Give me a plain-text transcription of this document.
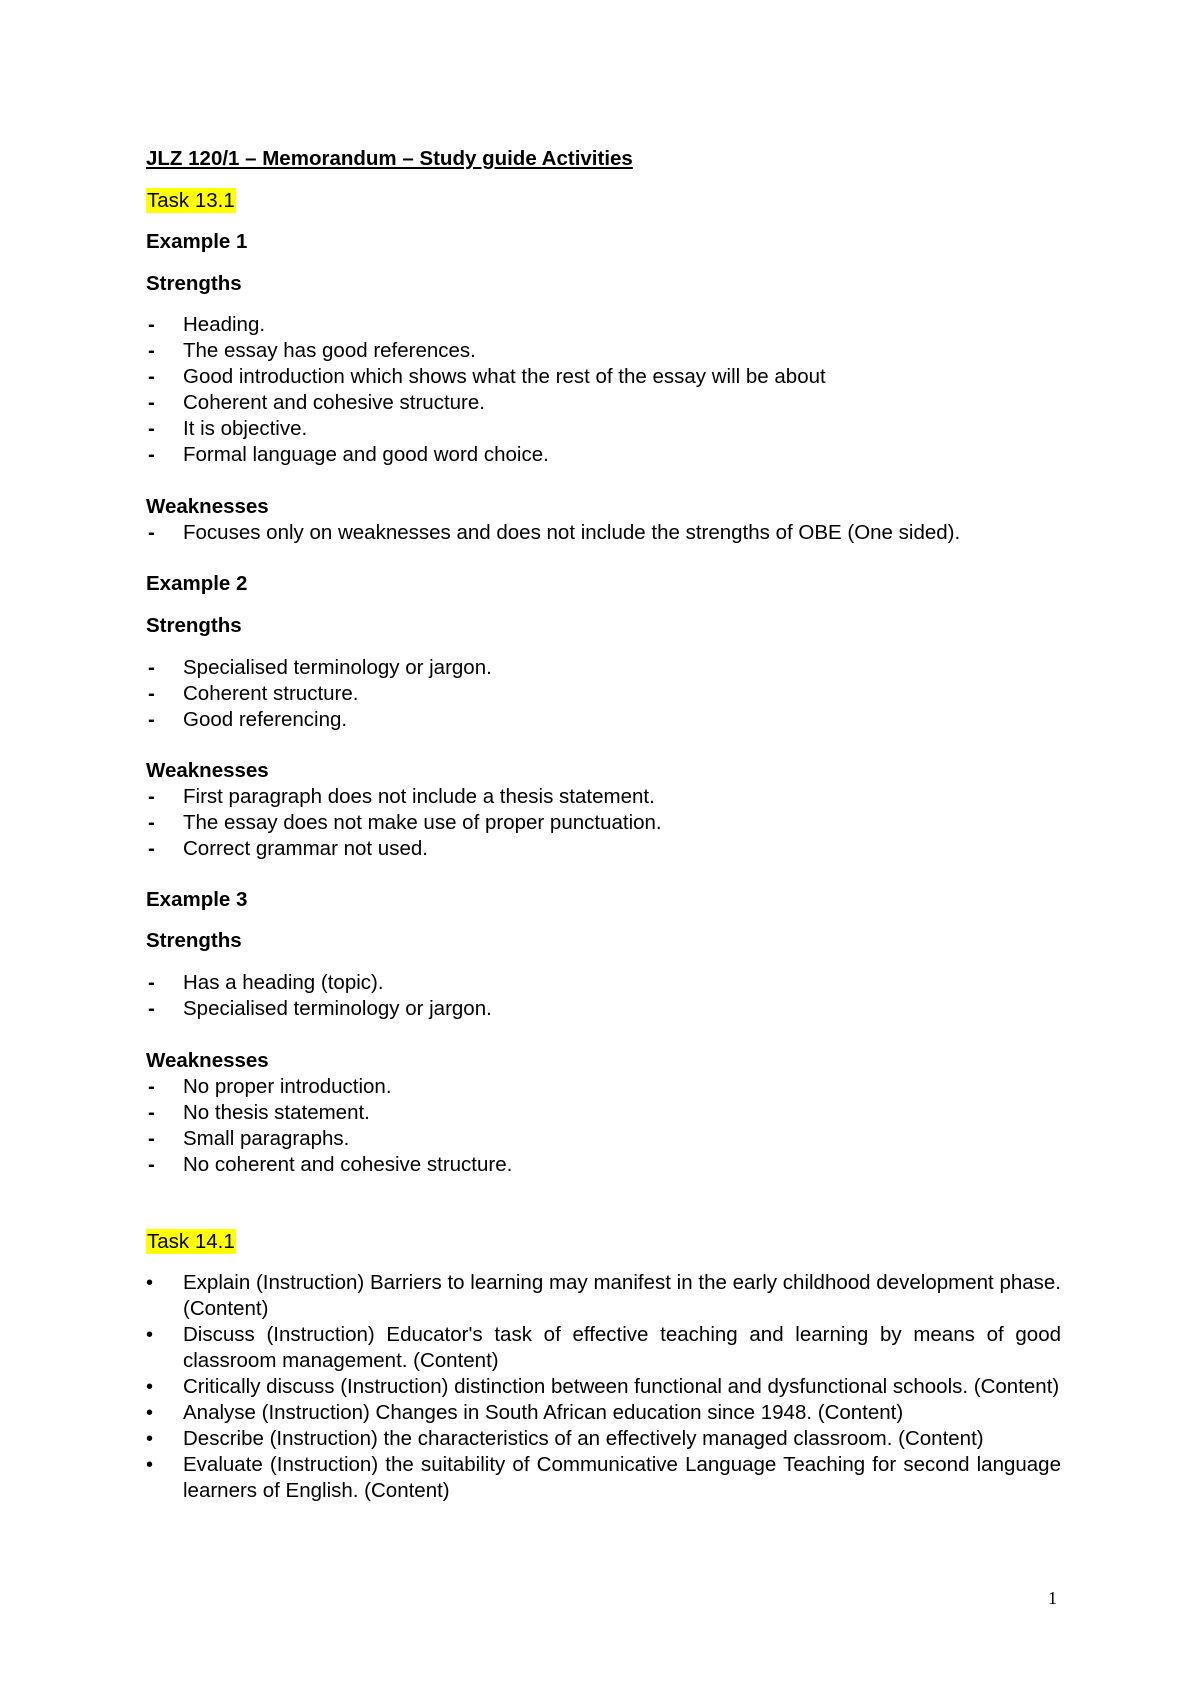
JLZ 120/1 – Memorandum – Study guide Activities
Task 13.1
Example 1
Strengths
- Heading.
- The essay has good references.
- Good introduction which shows what the rest of the essay will be about
- Coherent and cohesive structure.
- It is objective.
- Formal language and good word choice.
Weaknesses
- Focuses only on weaknesses and does not include the strengths of OBE (One sided).
Example 2
Strengths
- Specialised terminology or jargon.
- Coherent structure.
- Good referencing.
Weaknesses
- First paragraph does not include a thesis statement.
- The essay does not make use of proper punctuation.
- Correct grammar not used.
Example 3
Strengths
- Has a heading (topic).
- Specialised terminology or jargon.
Weaknesses
- No proper introduction.
- No thesis statement.
- Small paragraphs.
- No coherent and cohesive structure.
Task 14.1
• Explain (Instruction) Barriers to learning may manifest in the early childhood development phase. (Content)
• Discuss (Instruction) Educator's task of effective teaching and learning by means of good classroom management. (Content)
• Critically discuss (Instruction) distinction between functional and dysfunctional schools. (Content)
• Analyse (Instruction) Changes in South African education since 1948. (Content)
• Describe (Instruction) the characteristics of an effectively managed classroom. (Content)
• Evaluate (Instruction) the suitability of Communicative Language Teaching for second language learners of English. (Content)
1
